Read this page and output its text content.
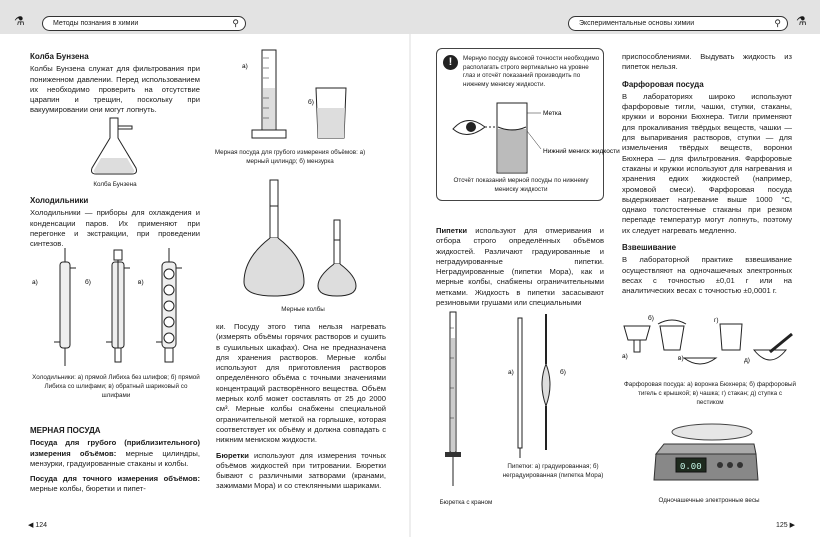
⚗	Методы познания в химии	⚲	Экспериментальные основы химии	⚲ ⚗
Колба Бунзена
Колбы Бунзена служат для фильтрования при пониженном давлении. Перед использованием их необходимо проверить на отсутствие царапин и трещин, поскольку при вакуумировании они могут лопнуть.
Колба Бунзена
Холодильники
Холодильники — приборы для охлаждения и конденсации паров. Их применяют при перегонке и экстракции, при проведении синтезов.
а)	б)	в)
Холодильники: а) прямой Либиха без шлифов; б) прямой Либиха со шлифами; в) обратный шариковый со шлифами
МЕРНАЯ ПОСУДА
Посуда для грубого (приблизительного) измерения объёмов: мерные цилиндры, мензурки, градуированные стаканы и колбы.
Посуда для точного измерения объёмов: мерные колбы, бюретки и пипет-
◀ 124
а)
б)
Мерная посуда для грубого измерения объёмов: а) мерный цилиндр; б) мензурка
Мерные колбы
ки. Посуду этого типа нельзя нагревать (измерять объёмы горячих растворов и сушить в сушильных шкафах). Она не предназначена для хранения растворов. Мерные колбы используют для приготовления растворов определённого объёма с точными значениями концентраций растворённого вещества. Объём мерных колб может составлять от 25 до 2000 см³. Мерные колбы снабжены специальной ограничительной меткой на горлышке, которая соответствует их объёму и должна совпадать с нижним мениском жидкости.
Бюретки используют для измерения точных объёмов жидкостей при титровании. Бюретки бывают с различными затворами (кранами, зажимами Мора) и со стеклянными шариками.
!	Мерную посуду высокой точности необходимо располагать строго вертикально на уровне глаз и отсчёт показаний производить по нижнему мениску жидкости.
Метка
Нижний мениск жидкости
Отсчёт показаний мерной посуды по нижнему мениску жидкости
Пипетки используют для отмеривания и отбора строго определённых объёмов жидкостей. Различают градуированные и неградуированные пипетки. Неградуированные (пипетки Мора), как и мерные колбы, снабжены ограничительными метками. Жидкость в пипетки засасывают резиновыми грушами или специальными
а)	б)
Пипетки: а) градуированная; б) неградуированная (пипетка Мора)
Бюретка с краном
приспособлениями. Выдувать жидкость из пипеток нельзя.
Фарфоровая посуда
В лабораториях широко используют фарфоровые тигли, чашки, ступки, стаканы, кружки и воронки Бюхнера. Тигли применяют для прокаливания твёрдых веществ, чашки — для выпаривания растворов, ступки — для измельчения твёрдых веществ, воронки Бюхнера — для фильтрования. Фарфоровые стаканы и кружки используют для нагревания и хранения едких жидкостей (например, хромовой смеси). Фарфоровая посуда выдерживает нагревание выше 1000 °С, однако толстостенные стаканы при резком перепаде температур могут лопнуть, поэтому их следует нагревать медленно.
Взвешивание
В лабораторной практике взвешивание осуществляют на одночашечных электронных весах с точностью ±0,01 г или на аналитических весах с точностью ±0,0001 г.
а)
б)
в)
г)
д)
Фарфоровая посуда: а) воронка Бюхнера; б) фарфоровый тигель с крышкой; в) чашка; г) стакан; д) ступка с пестиком
0.00
Одночашечные электронные весы
125 ▶
